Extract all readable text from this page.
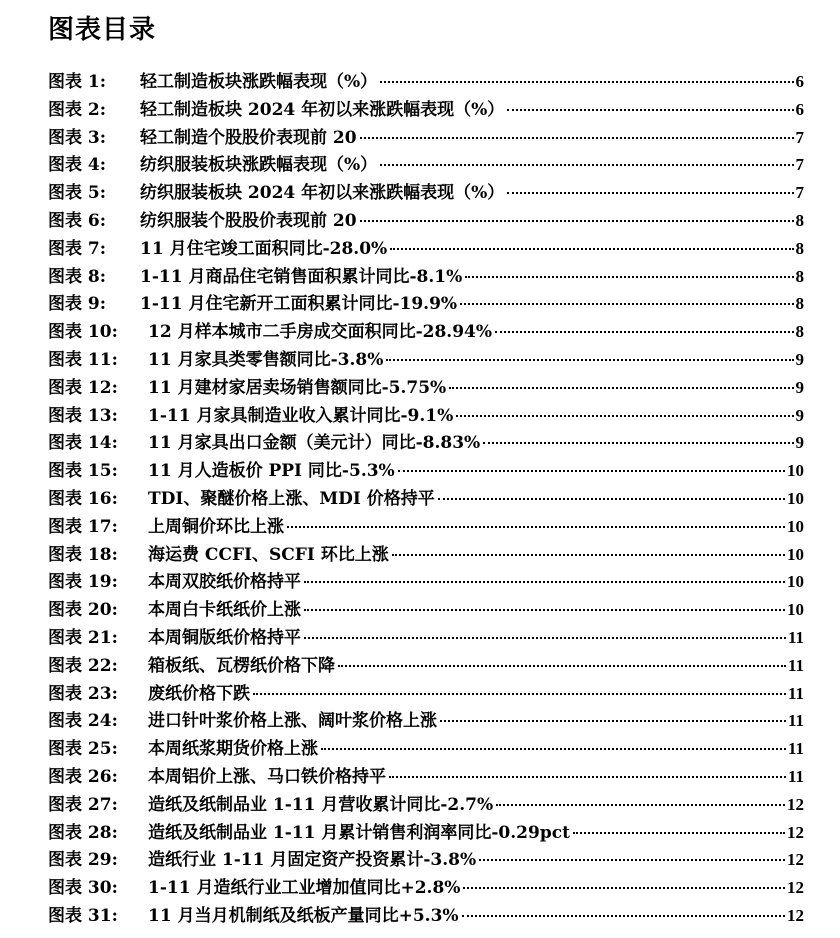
图表目录
图表 1:	轻工制造板块涨跌幅表现（%）	6
图表 2:	轻工制造板块 2024 年初以来涨跌幅表现（%）	6
图表 3:	轻工制造个股股价表现前 20	7
图表 4:	纺织服装板块涨跌幅表现（%）	7
图表 5:	纺织服装板块 2024 年初以来涨跌幅表现（%）	7
图表 6:	纺织服装个股股价表现前 20	8
图表 7:	11 月住宅竣工面积同比-28.0%	8
图表 8:	1-11 月商品住宅销售面积累计同比-8.1%	8
图表 9:	1-11 月住宅新开工面积累计同比-19.9%	8
图表 10:	12 月样本城市二手房成交面积同比-28.94%	8
图表 11:	11 月家具类零售额同比-3.8%	9
图表 12:	11 月建材家居卖场销售额同比-5.75%	9
图表 13:	1-11 月家具制造业收入累计同比-9.1%	9
图表 14:	11 月家具出口金额（美元计）同比-8.83%	9
图表 15:	11 月人造板价 PPI 同比-5.3%	10
图表 16:	TDI、聚醚价格上涨、MDI 价格持平	10
图表 17:	上周铜价环比上涨	10
图表 18:	海运费 CCFI、SCFI 环比上涨	10
图表 19:	本周双胶纸价格持平	10
图表 20:	本周白卡纸纸价上涨	10
图表 21:	本周铜版纸价格持平	11
图表 22:	箱板纸、瓦楞纸价格下降	11
图表 23:	废纸价格下跌	11
图表 24:	进口针叶浆价格上涨、阔叶浆价格上涨	11
图表 25:	本周纸浆期货价格上涨	11
图表 26:	本周铝价上涨、马口铁价格持平	11
图表 27:	造纸及纸制品业 1-11 月营收累计同比-2.7%	12
图表 28:	造纸及纸制品业 1-11 月累计销售利润率同比-0.29pct	12
图表 29:	造纸行业 1-11 月固定资产投资累计-3.8%	12
图表 30:	1-11 月造纸行业工业增加值同比+2.8%	12
图表 31:	11 月当月机制纸及纸板产量同比+5.3%	12
